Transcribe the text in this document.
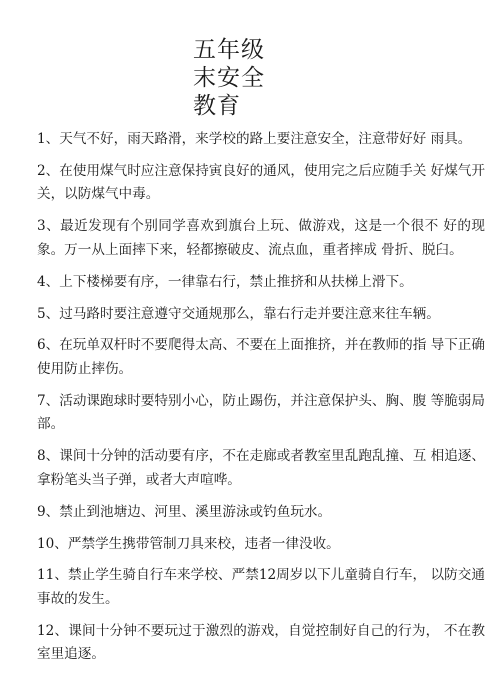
五年级
末安全
教育
1、天气不好，雨天路滑，来学校的路上要注意安全，注意带好好 雨具。
2、在使用煤气时应注意保持寅良好的通风，使用完之后应随手关 好煤气开关，以防煤气中毒。
3、最近发现有个别同学喜欢到旗台上玩、做游戏，这是一个很不 好的现象。万一从上面摔下来，轻都擦破皮、流点血，重者摔成 骨折、脱臼。
4、上下楼梯要有序，一律靠右行，禁止推挤和从扶梯上滑下。
5、过马路时要注意遵守交通规那么，靠右行走并要注意来往车辆。
6、在玩单双杆时不要爬得太高、不要在上面推挤，并在教师的指 导下正确使用防止摔伤。
7、活动课跑球时要特别小心，防止踢伤，并注意保护头、胸、腹 等脆弱局部。
8、课间十分钟的活动要有序，不在走廊或者教室里乱跑乱撞、互 相追逐、拿粉笔头当子弹，或者大声喧哗。
9、禁止到池塘边、河里、溪里游泳或钓鱼玩水。
10、严禁学生携带管制刀具来校，违者一律没收。
11、禁止学生骑自行车来学校、严禁12周岁以下儿童骑自行车， 以防交通事故的发生。
12、课间十分钟不要玩过于激烈的游戏，自觉控制好自己的行为， 不在教室里追逐。
